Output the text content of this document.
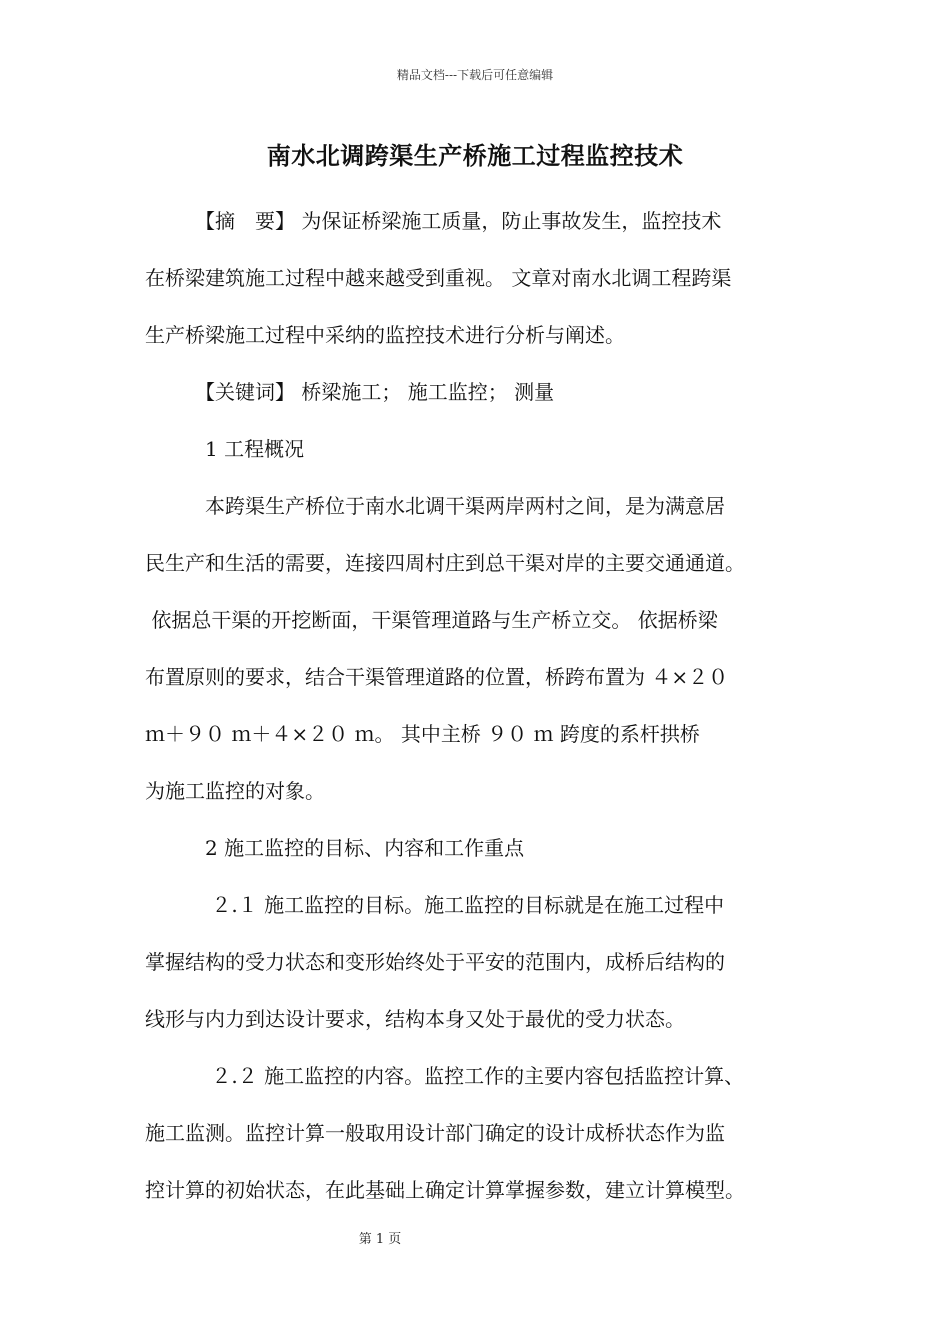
精品文档---下载后可任意编辑
南水北调跨渠生产桥施工过程监控技术
　　　【摘　要】 为保证桥梁施工质量，防止事故发生，监控技术
在桥梁建筑施工过程中越来越受到重视。 文章对南水北调工程跨渠
生产桥梁施工过程中采纳的监控技术进行分析与阐述。
　　　【关键词】 桥梁施工； 施工监控； 测量
　　　1 工程概况
　　　本跨渠生产桥位于南水北调干渠两岸两村之间，是为满意居
民生产和生活的需要，连接四周村庄到总干渠对岸的主要交通通道。
依据总干渠的开挖断面，干渠管理道路与生产桥立交。 依据桥梁
布置原则的要求，结合干渠管理道路的位置，桥跨布置为 ４×２０
ｍ＋９０ ｍ＋４×２０ ｍ。 其中主桥 ９０ ｍ 跨度的系杆拱桥
为施工监控的对象。
　　　2 施工监控的目标、内容和工作重点
　　　 ２.１ 施工监控的目标。施工监控的目标就是在施工过程中
掌握结构的受力状态和变形始终处于平安的范围内，成桥后结构的
线形与内力到达设计要求，结构本身又处于最优的受力状态。
　　　 ２.２ 施工监控的内容。监控工作的主要内容包括监控计算、
施工监测。监控计算一般取用设计部门确定的设计成桥状态作为监
控计算的初始状态，在此基础上确定计算掌握参数，建立计算模型。
第 1 页
